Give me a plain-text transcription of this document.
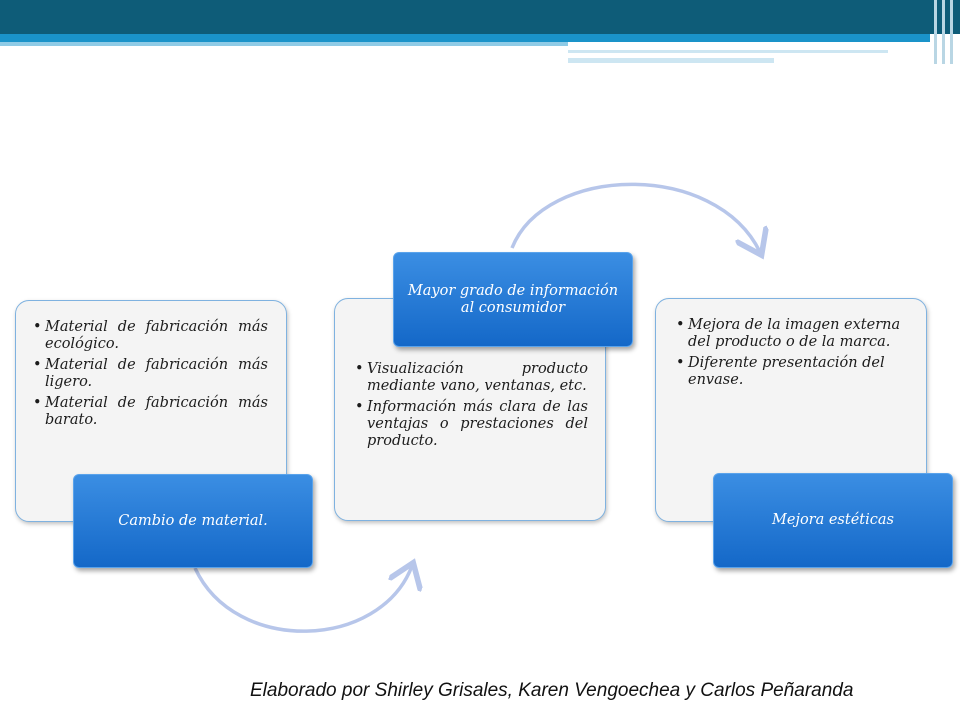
• Material de fabricación más ecológico.
• Material de fabricación más ligero.
• Material de fabricación más barato.
Cambio de material.
• Visualización producto mediante vano, ventanas, etc.
• Información más clara de las ventajas o prestaciones del producto.
Mayor grado de información al consumidor
• Mejora de la imagen externa del producto o de la marca.
• Diferente presentación del envase.
Mejora estéticas
Elaborado por Shirley Grisales, Karen Vengoechea y Carlos Peñaranda
